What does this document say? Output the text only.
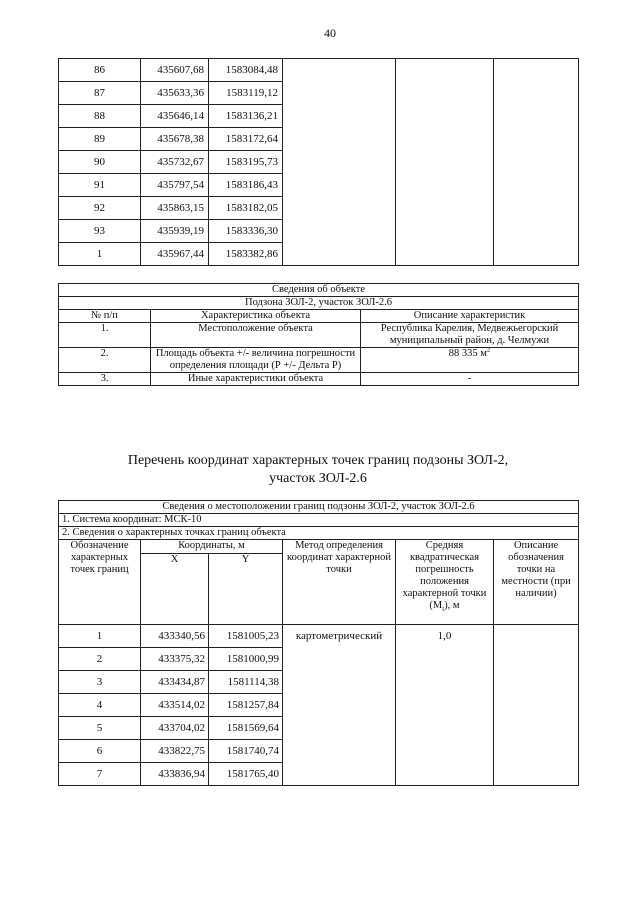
40
86	435607,68	1583084,48			
87	435633,36	1583119,12			
88	435646,14	1583136,21			
89	435678,38	1583172,64			
90	435732,67	1583195,73			
91	435797,54	1583186,43			
92	435863,15	1583182,05			
93	435939,19	1583336,30			
1	435967,44	1583382,86			
Сведения об объекте		
Подзона ЗОЛ-2, участок ЗОЛ-2.6		
№ п/п	Характеристика объекта	Описание характеристик
1.	Местоположение объекта	Республика Карелия, Медвежьегорский муниципальный район, д. Челмужи
2.	Площадь объекта +/- величина погрешности определения площади (Р +/- Дельта Р)	88 335 $м^2$
3.	Иные характеристики объекта	-
Перечень координат характерных точек границ подзоны ЗОЛ-2,
участок ЗОЛ-2.6
Сведения о местоположении границ подзоны ЗОЛ-2, участок ЗОЛ-2.6					
1. Система координат: МСК-10					
2. Сведения о характерных точках границ объекта					
Обозначение характерных точек границ	Координаты, м		Метод определения координат характерной точки	Средняя квадратическая погрешность положения характерной точки $(M_t)$, м	Описание обозначения точки на местности (при наличии)
	X	Y			
1	433340,56	1581005,23	картометрический	1,0	
2	433375,32	1581000,99			
3	433434,87	1581114,38			
4	433514,02	1581257,84			
5	433704,02	1581569,64			
6	433822,75	1581740,74			
7	433836,94	1581765,40			
